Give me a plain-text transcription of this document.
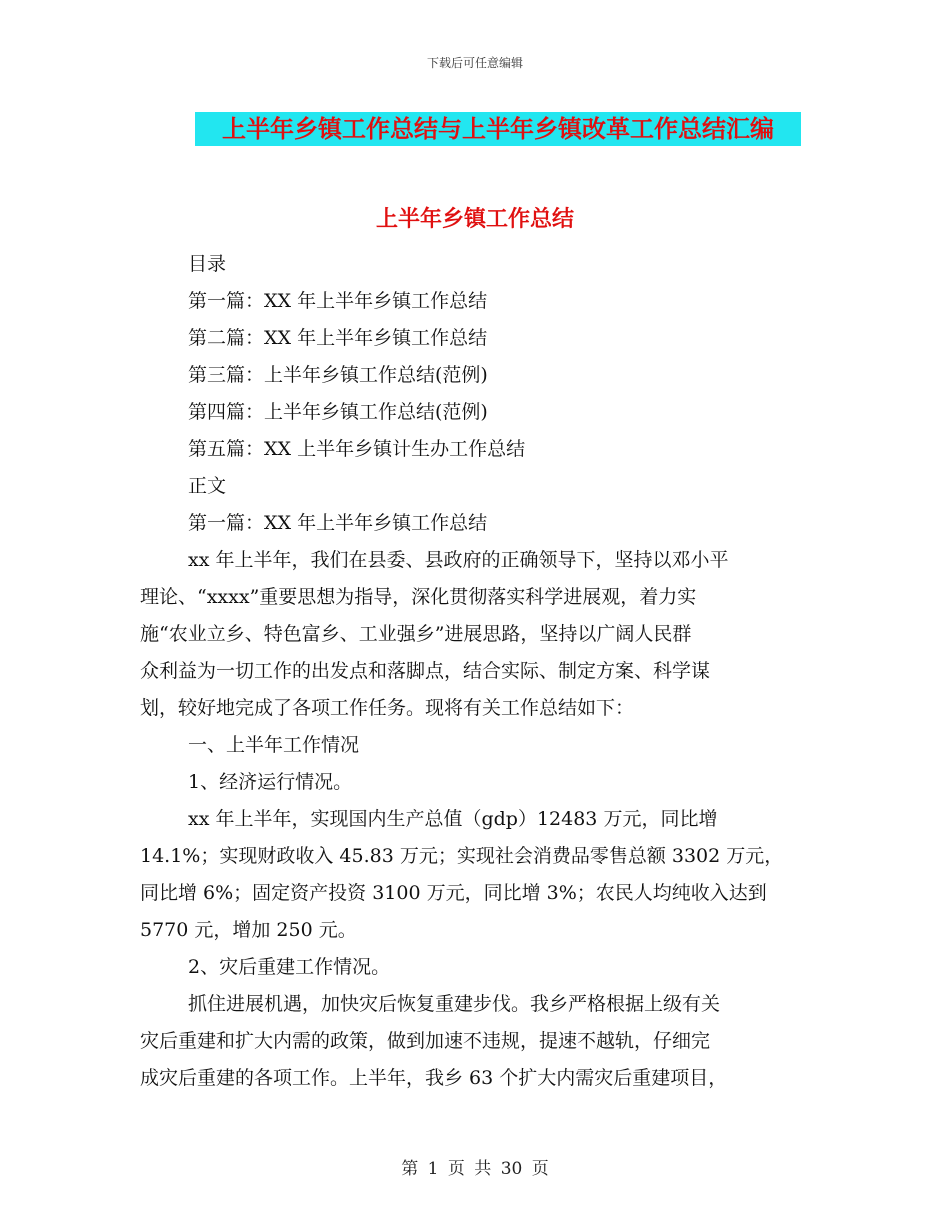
下载后可任意编辑
上半年乡镇工作总结与上半年乡镇改革工作总结汇编
上半年乡镇工作总结
目录
第一篇：XX 年上半年乡镇工作总结
第二篇：XX 年上半年乡镇工作总结
第三篇：上半年乡镇工作总结(范例)
第四篇：上半年乡镇工作总结(范例)
第五篇：XX 上半年乡镇计生办工作总结
正文
第一篇：XX 年上半年乡镇工作总结
xx 年上半年，我们在县委、县政府的正确领导下，坚持以邓小平
理论、“xxxx”重要思想为指导，深化贯彻落实科学进展观，着力实
施“农业立乡、特色富乡、工业强乡”进展思路，坚持以广阔人民群
众利益为一切工作的出发点和落脚点，结合实际、制定方案、科学谋
划，较好地完成了各项工作任务。现将有关工作总结如下：
一、上半年工作情况
1、经济运行情况。
xx 年上半年，实现国内生产总值（gdp）12483 万元，同比增
14.1%；实现财政收入 45.83 万元；实现社会消费品零售总额 3302 万元，
同比增 6%；固定资产投资 3100 万元，同比增 3%；农民人均纯收入达到
5770 元，增加 250 元。
2、灾后重建工作情况。
抓住进展机遇，加快灾后恢复重建步伐。我乡严格根据上级有关
灾后重建和扩大内需的政策，做到加速不违规，提速不越轨，仔细完
成灾后重建的各项工作。上半年，我乡 63 个扩大内需灾后重建项目，
第 1 页 共 30 页
